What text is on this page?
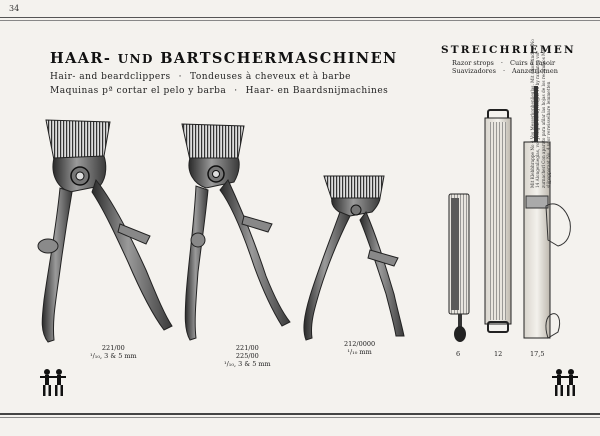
34
HAAR- UND BARTSCHERMASCHINEN
Hair- and beardclippers · Tondeuses à cheveux et à barbe
Maquinas pª cortar el pelo y barba · Haar- en Baardsnijmachines
STREICHRIEMEN
Razor strops · Cuirs à rasoir
Suavizadores · Aanzetriemen
Mit Klebbhrappe No 4 Vos Messerkonhenlieglas. Mit Aitoroundem No 14 Alongenlieglas, vor Jrongen Seenyvielgrn 16 by ramoneg vol zurnacherl Con aparato para afilar las hojas de los recambios Met slijpapparaat No. 4 voor verwisselbare lemmetten
221/00
¹/₁₀, 3 & 5 mm
221/00
225/00
¹/₁₀, 3 & 5 mm
212/0000
¹/₁₀ mm	6	12	17,5
